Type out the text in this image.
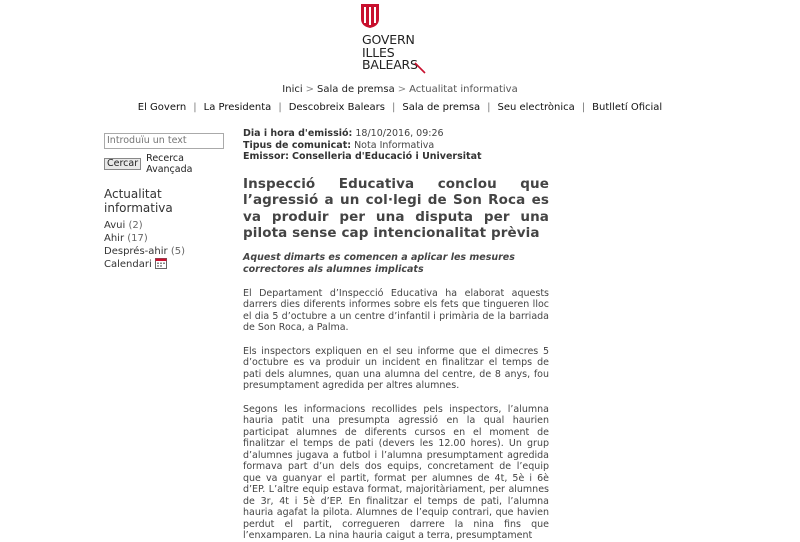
GOVERN
ILLES
BALEARS
Inici > Sala de premsa > Actualitat informativa
El Govern | La Presidenta | Descobreix Balears | Sala de premsa | Seu electrònica | Butlletí Oficial
Introduïu un text
Cercar Recerca Avançada
Actualitat informativa
Avui (2)
Ahir (17)
Després-ahir (5)
Calendari
Dia i hora d'emissió: 18/10/2016, 09:26
Tipus de comunicat: Nota Informativa
Emissor: Conselleria d'Educació i Universitat
Inspecció Educativa conclou que l’agressió a un col·legi de Son Roca es va produir per una disputa per una pilota sense cap intencionalitat prèvia
Aquest dimarts es comencen a aplicar les mesures correctores als alumnes implicats

El Departament d’Inspecció Educativa ha elaborat aquests darrers dies diferents informes sobre els fets que tingueren lloc el dia 5 d’octubre a un centre d’infantil i primària de la barriada de Son Roca, a Palma.

Els inspectors expliquen en el seu informe que el dimecres 5 d’octubre es va produir un incident en finalitzar el temps de pati dels alumnes, quan una alumna del centre, de 8 anys, fou presumptament agredida per altres alumnes.

Segons les informacions recollides pels inspectors, l’alumna hauria patit una presumpta agressió en la qual haurien participat alumnes de diferents cursos en el moment de finalitzar el temps de pati (devers les 12.00 hores). Un grup d’alumnes jugava a futbol i l’alumna presumptament agredida formava part d’un dels dos equips, concretament de l’equip que va guanyar el partit, format per alumnes de 4t, 5è i 6è d’EP. L’altre equip estava format, majoritàriament, per alumnes de 3r, 4t i 5è d’EP. En finalitzar el temps de pati, l’alumna hauria agafat la pilota. Alumnes de l’equip contrari, que havien perdut el partit, corregueren darrere la nina fins que l’enxamparen. La nina hauria caigut a terra, presumptament
